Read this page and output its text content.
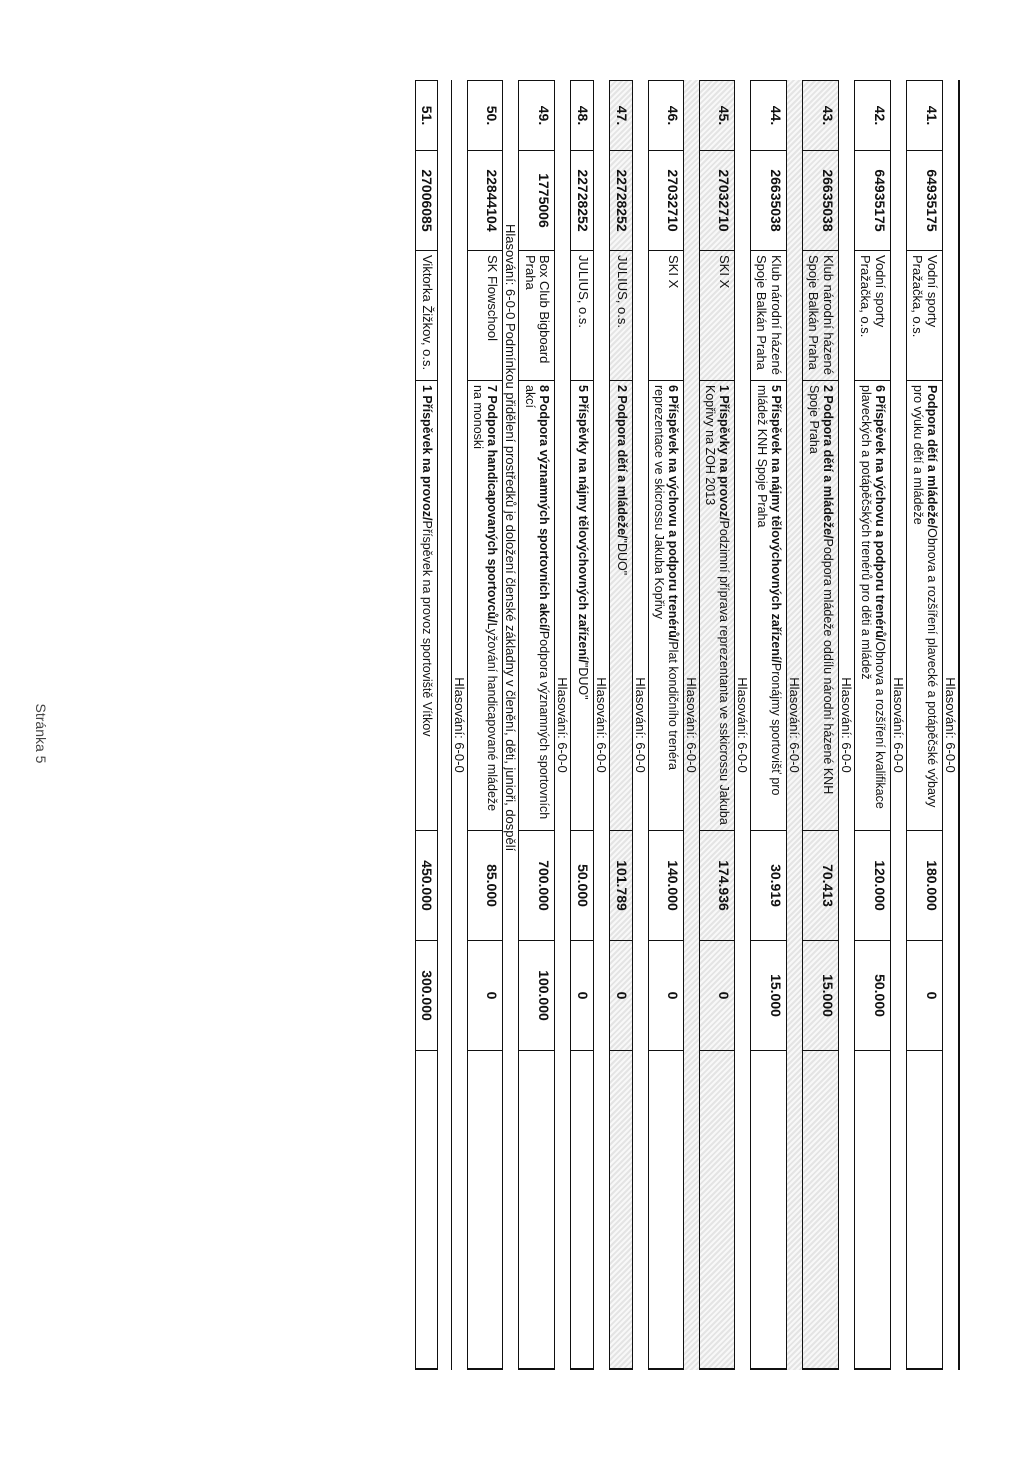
Hlasování: 6-0-0
41.
64935175
Vodní sporty Pražačka, o.s.
Podpora dětí a mládeže/Obnova a rozšíření plavecké a potápěčské výbavy pro výuku dětí a mládeže
180.000
0
Hlasování: 6-0-0
42.
64935175
Vodní sporty Pražačka, o.s.
6 Příspěvek na výchovu a podporu trenérů/Obnova a rozšíření kvalifikace plaveckých a potápěčských trenérů pro děti a mládež
120.000
50.000
Hlasování: 6-0-0
43.
26635038
Klub národní házené Spoje Balkán Praha
2 Podpora dětí a mládeže/Podpora mládeže oddílu národní házené KNH Spoje Praha
70.413
15.000
Hlasování: 6-0-0
44.
26635038
Klub národní házené Spoje Balkán Praha
5 Příspěvek na nájmy tělovýchovných zařízení/Pronájmy sportovišť pro mládež KNH Spoje Praha
30.919
15.000
Hlasování: 6-0-0
45.
27032710
SKI X
1 Příspěvky na provoz/Podzimní příprava reprezentanta ve sskicrossu Jakuba Kopřivy na ZOH 2013
174.936
0
Hlasování: 6-0-0
46.
27032710
SKI X
6 Příspěvek na výchovu a podporu trenérů/Plat kondičního trenéra reprezentace ve skicrossu Jakuba Kopřivy
140.000
0
Hlasování: 6-0-0
47.
22728252
JULIUS, o.s.
2 Podpora dětí a mládeže/"DUO"
101.789
0
Hlasování: 6-0-0
48.
22728252
JULIUS, o.s.
5 Příspěvky na nájmy tělovýchovných zařízení/"DUO"
50.000
0
Hlasování: 6-0-0
49.
1775006
Box Club Bigboard Praha
8 Podpora významných sportovních akcí/Podpora významných sportovních akcí
700.000
100.000
Hlasování: 6-0-0 Podmínkou přidělení prostředků je doložení členské základny v členění, děti, junioři, dospělí
50.
22844104
SK Flowschool
7 Podpora handicapovaných sportovců/Lyžování handicapované mládeže na monoski
85.000
0
Hlasování: 6-0-0
51.
27006085
Viktorka Žižkov, o.s.
1 Příspěvek na provoz/Příspěvek na provoz sportoviště Vítkov
450.000
300.000
Stránka 5
